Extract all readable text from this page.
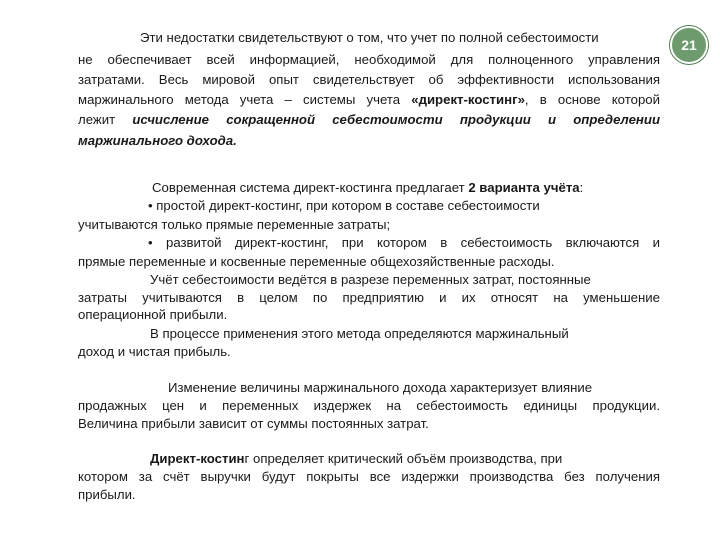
21
Эти недостатки свидетельствуют о том, что учет по полной себестоимости
не обеспечивает всей информацией, необходимой для полноценного управления
затратами. Весь мировой опыт свидетельствует об эффективности использования
маржинального метода учета – системы учета «директ-костинг», в основе которой
лежит исчисление сокращенной себестоимости продукции и определении
маржинального дохода.
Современная система директ-костинга предлагает 2 варианта учёта:
• простой директ-костинг, при котором в составе себестоимости
учитываются только прямые переменные затраты;
• развитой директ-костинг, при котором в себестоимость включаются и
прямые переменные и косвенные переменные общехозяйственные расходы.
Учёт себестоимости ведётся в разрезе переменных затрат, постоянные
затраты учитываются в целом по предприятию и их относят на уменьшение
операционной прибыли.
В процессе применения этого метода определяются маржинальный
доход и чистая прибыль.
Изменение величины маржинального дохода характеризует влияние
продажных цен и переменных издержек на себестоимость единицы продукции.
Величина прибыли зависит от суммы постоянных затрат.
Директ-костинг определяет критический объём производства, при
котором за счёт выручки будут покрыты все издержки производства без получения
прибыли.
